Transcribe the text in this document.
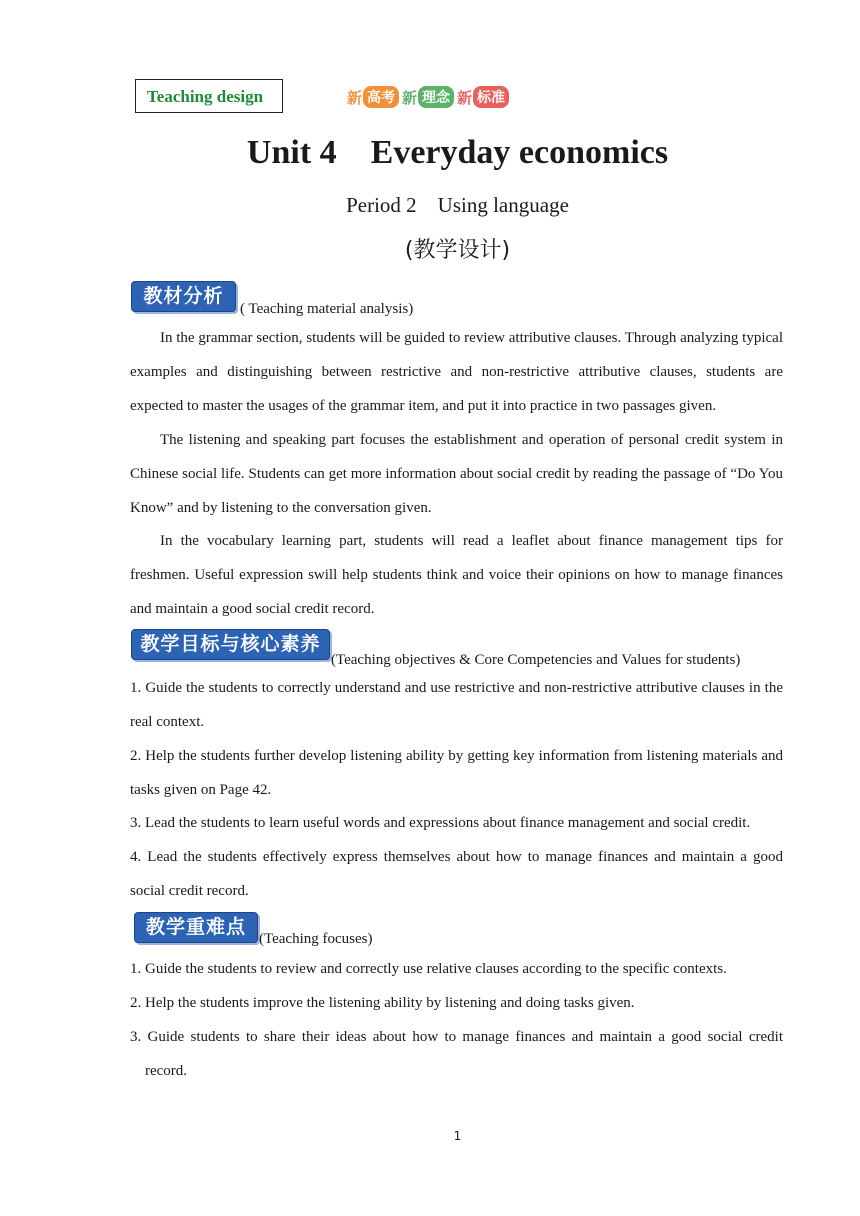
Teaching design	新 高考 新 理念 新 标准
Unit 4    Everyday economics
Period 2    Using language
(教学设计)
教材分析
( Teaching material analysis)

In the grammar section, students will be guided to review attributive clauses. Through analyzing typical examples and distinguishing between restrictive and non-restrictive attributive clauses, students are expected to master the usages of the grammar item, and put it into practice in two passages given.

The listening and speaking part focuses the establishment and operation of personal credit system in Chinese social life. Students can get more information about social credit by reading the passage of “Do You Know” and by listening to the conversation given.

In the vocabulary learning part, students will read a leaflet about finance management tips for freshmen. Useful expression swill help students think and voice their opinions on how to manage finances and maintain a good social credit record.

教学目标与核心素养
(Teaching objectives & Core Competencies and Values for students)

1. Guide the students to correctly understand and use restrictive and non-restrictive attributive clauses in the real context.

2. Help the students further develop listening ability by getting key information from listening materials and tasks given on Page 42.

3. Lead the students to learn useful words and expressions about finance management and social credit.

4. Lead the students effectively express themselves about how to manage finances and maintain a good social credit record.

教学重难点
(Teaching focuses)

1. Guide the students to review and correctly use relative clauses according to the specific contexts.

2. Help the students improve the listening ability by listening and doing tasks given.

3. Guide students to share their ideas about how to manage finances and maintain a good social credit record.

1
